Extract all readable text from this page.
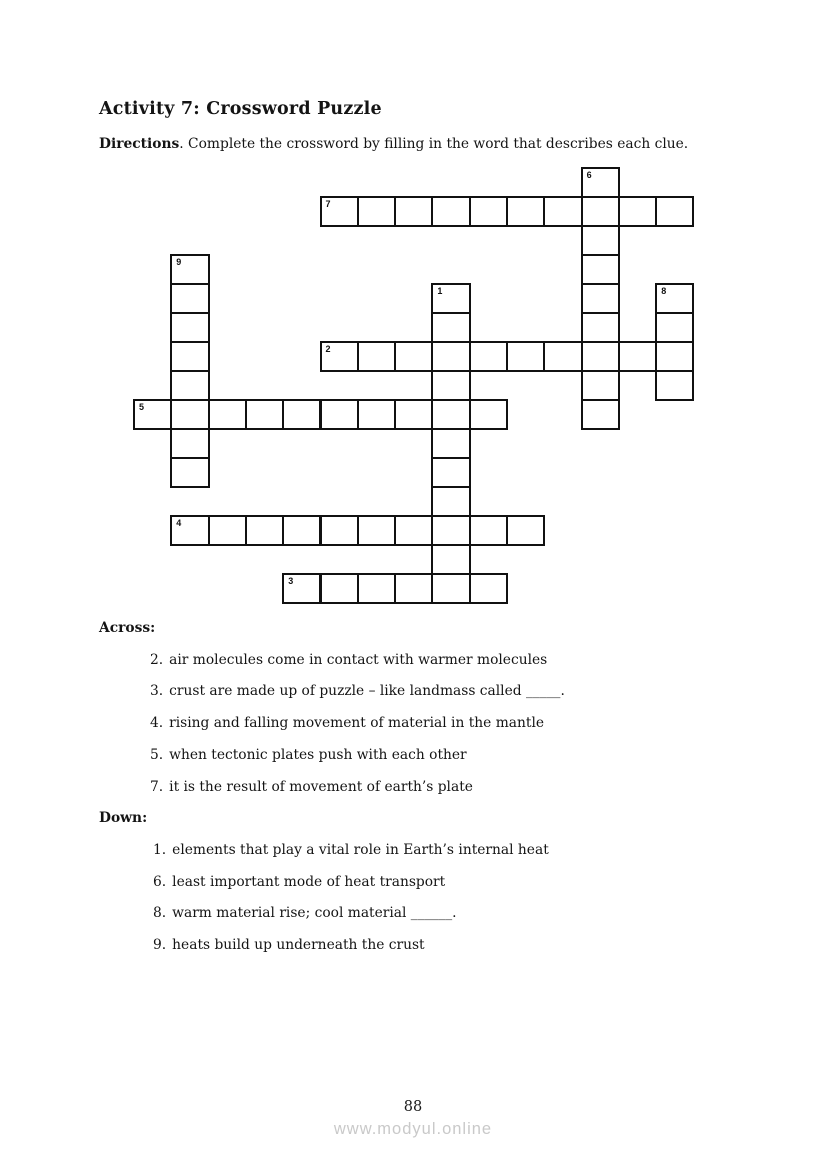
Activity 7: Crossword Puzzle

Directions. Complete the crossword by filling in the word that describes each clue.

6
7
9
1	8
2
5
4
3
Across:
2. air molecules come in contact with warmer molecules
3. crust are made up of puzzle – like landmass called _____.
4. rising and falling movement of material in the mantle
5. when tectonic plates push with each other
7. it is the result of movement of earth’s plate
Down:
1. elements that play a vital role in Earth’s internal heat
6. least important mode of heat transport
8. warm material rise; cool material ______.
9. heats build up underneath the crust
88
www.modyul.online
